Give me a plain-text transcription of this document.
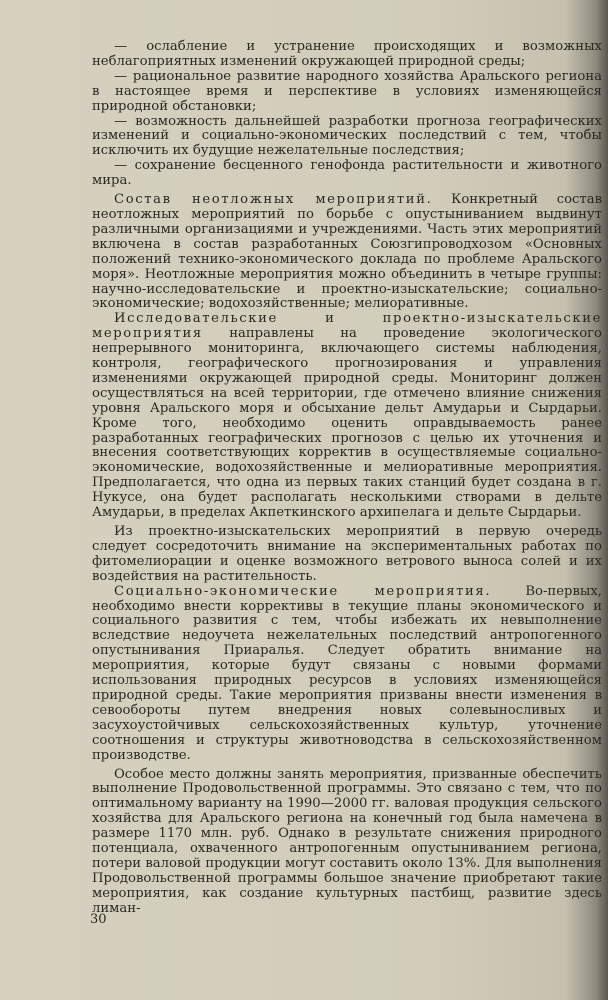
— ослабление и устранение происходящих и возможных неблагоприятных изменений окружающей природной среды;

— рациональное развитие народного хозяйства Аральского региона в настоящее время и перспективе в условиях изменяющейся природной обстановки;

— возможность дальнейшей разработки прогноза географических изменений и социально-экономических последствий с тем, чтобы исключить их будущие нежелательные последствия;

— сохранение бесценного генофонда растительности и животного мира.

Состав неотложных мероприятий. Конкретный состав неотложных мероприятий по борьбе с опустыниванием выдвинут различными организациями и учреждениями. Часть этих мероприятий включена в состав разработанных Союзгипроводхозом «Основных положений технико-экономического доклада по проблеме Аральского моря». Неотложные мероприятия можно объединить в четыре группы: научно-исследовательские и проектно-изыскательские; социально-экономические; водохозяйственные; мелиоративные.

Исследовательские и проектно-изыскательские мероприятия направлены на проведение экологического непрерывного мониторинга, включающего системы наблюдения, контроля, географического прогнозирования и управления изменениями окружающей природной среды. Мониторинг должен осуществляться на всей территории, где отмечено влияние снижения уровня Аральского моря и обсыхание дельт Амударьи и Сырдарьи. Кроме того, необходимо оценить оправдываемость ранее разработанных географических прогнозов с целью их уточнения и внесения соответствующих корректив в осуществляемые социально-экономические, водохозяйственные и мелиоративные мероприятия. Предполагается, что одна из первых таких станций будет создана в г. Нукусе, она будет располагать несколькими створами в дельте Амударьи, в пределах Акпеткинского архипелага и дельте Сырдарьи.

Из проектно-изыскательских мероприятий в первую очередь следует сосредоточить внимание на экспериментальных работах по фитомелиорации и оценке возможного ветрового выноса солей и их воздействия на растительность.

Социально-экономические мероприятия. Во-первых, необходимо внести коррективы в текущие планы экономического и социального развития с тем, чтобы избежать их невыполнение вследствие недоучета нежелательных последствий антропогенного опустынивания Приаралья. Следует обратить внимание на мероприятия, которые будут связаны с новыми формами использования природных ресурсов в условиях изменяющейся природной среды. Такие мероприятия призваны внести изменения в севообороты путем внедрения новых солевыносливых и засухоустойчивых сельскохозяйственных культур, уточнение соотношения и структуры животноводства в сельскохозяйственном производстве.

Особое место должны занять мероприятия, призванные обеспечить выполнение Продовольственной программы. Это связано с тем, что по оптимальному варианту на 1990—2000 гг. валовая продукция сельского хозяйства для Аральского региона на конечный год была намечена в размере 1170 млн. руб. Однако в результате снижения природного потенциала, охваченного антропогенным опустыниванием региона, потери валовой продукции могут составить около 13%. Для выполнения Продовольственной программы большое значение приобретают такие мероприятия, как создание культурных пастбищ, развитие здесь лиман-

30
